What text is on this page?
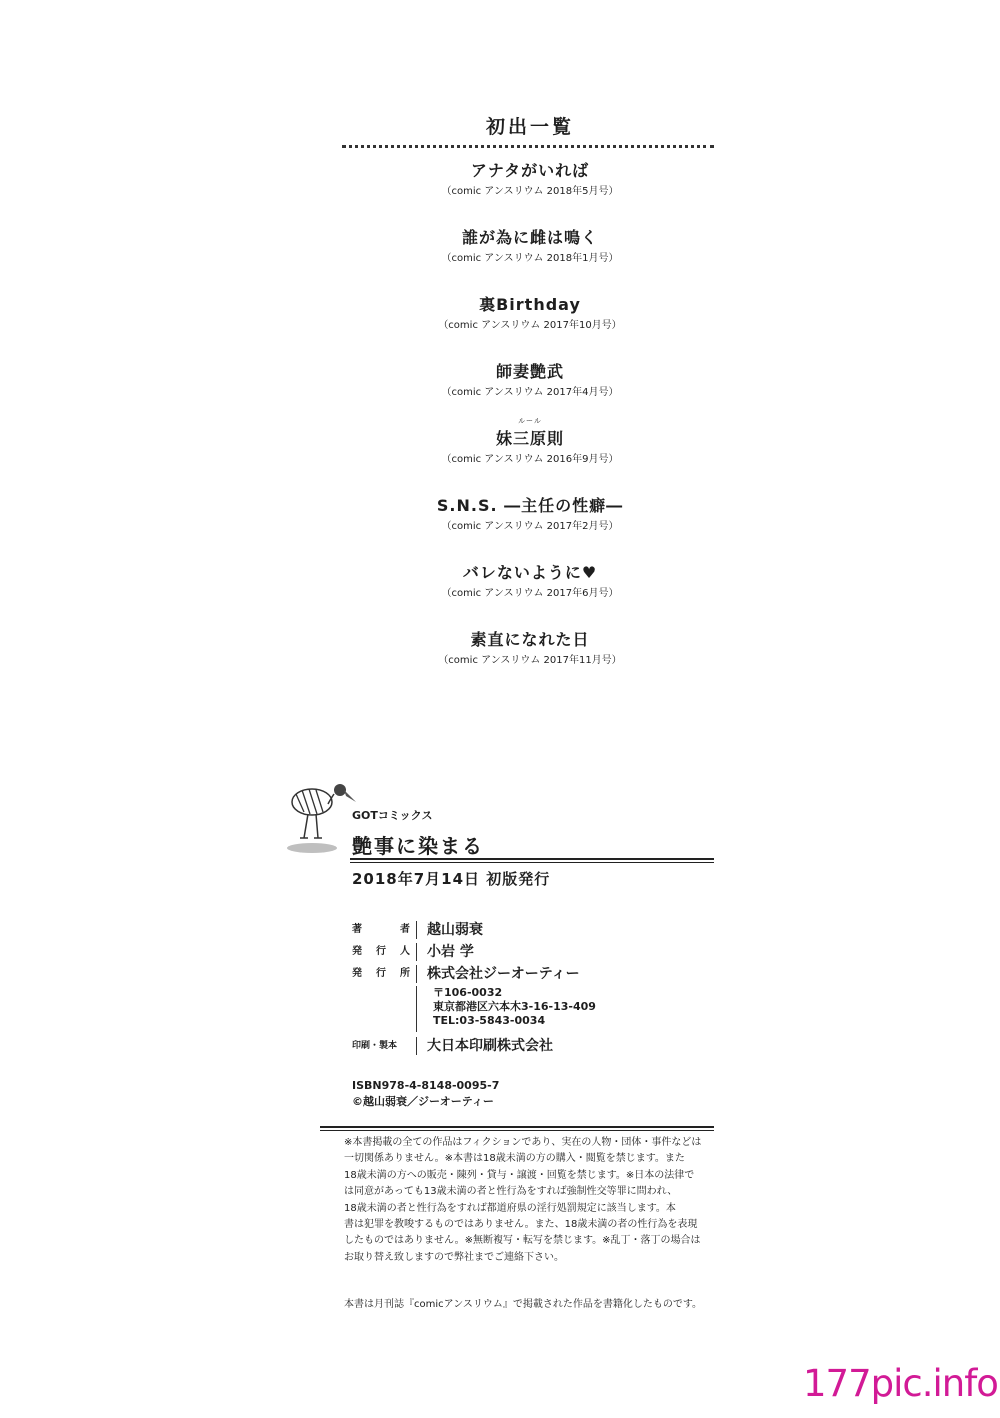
初出一覧
アナタがいれば
（comic アンスリウム 2018年5月号）
誰が為に雌は鳴く
（comic アンスリウム 2018年1月号）
裏Birthday
（comic アンスリウム 2017年10月号）
師妻艶武
（comic アンスリウム 2017年4月号）
ルール
妹三原則
（comic アンスリウム 2016年9月号）
S.N.S. ―主任の性癖―
（comic アンスリウム 2017年2月号）
バレないように♥
（comic アンスリウム 2017年6月号）
素直になれた日
（comic アンスリウム 2017年11月号）
GOTコミックス
艶事に染まる
2018年7月14日 初版発行
著 者	越山弱衰
発行人	小岩 学
発行所	株式会社ジーオーティー
〒106-0032
東京都港区六本木3-16-13-409
TEL:03-5843-0034
印刷・製本	大日本印刷株式会社
ISBN978-4-8148-0095-7
©越山弱衰／ジーオーティー
※本書掲載の全ての作品はフィクションであり、実在の人物・団体・事件などは
一切関係ありません。※本書は18歳未満の方の購入・閲覧を禁じます。また
18歳未満の方への販売・陳列・貸与・譲渡・回覧を禁じます。※日本の法律で
は同意があっても13歳未満の者と性行為をすれば強制性交等罪に問われ、
18歳未満の者と性行為をすれば都道府県の淫行処罰規定に該当します。本
書は犯罪を教唆するものではありません。また、18歳未満の者の性行為を表現
したものではありません。※無断複写・転写を禁じます。※乱丁・落丁の場合は
お取り替え致しますので弊社までご連絡下さい。
本書は月刊誌『comicアンスリウム』で掲載された作品を書籍化したものです。
177pic.info
